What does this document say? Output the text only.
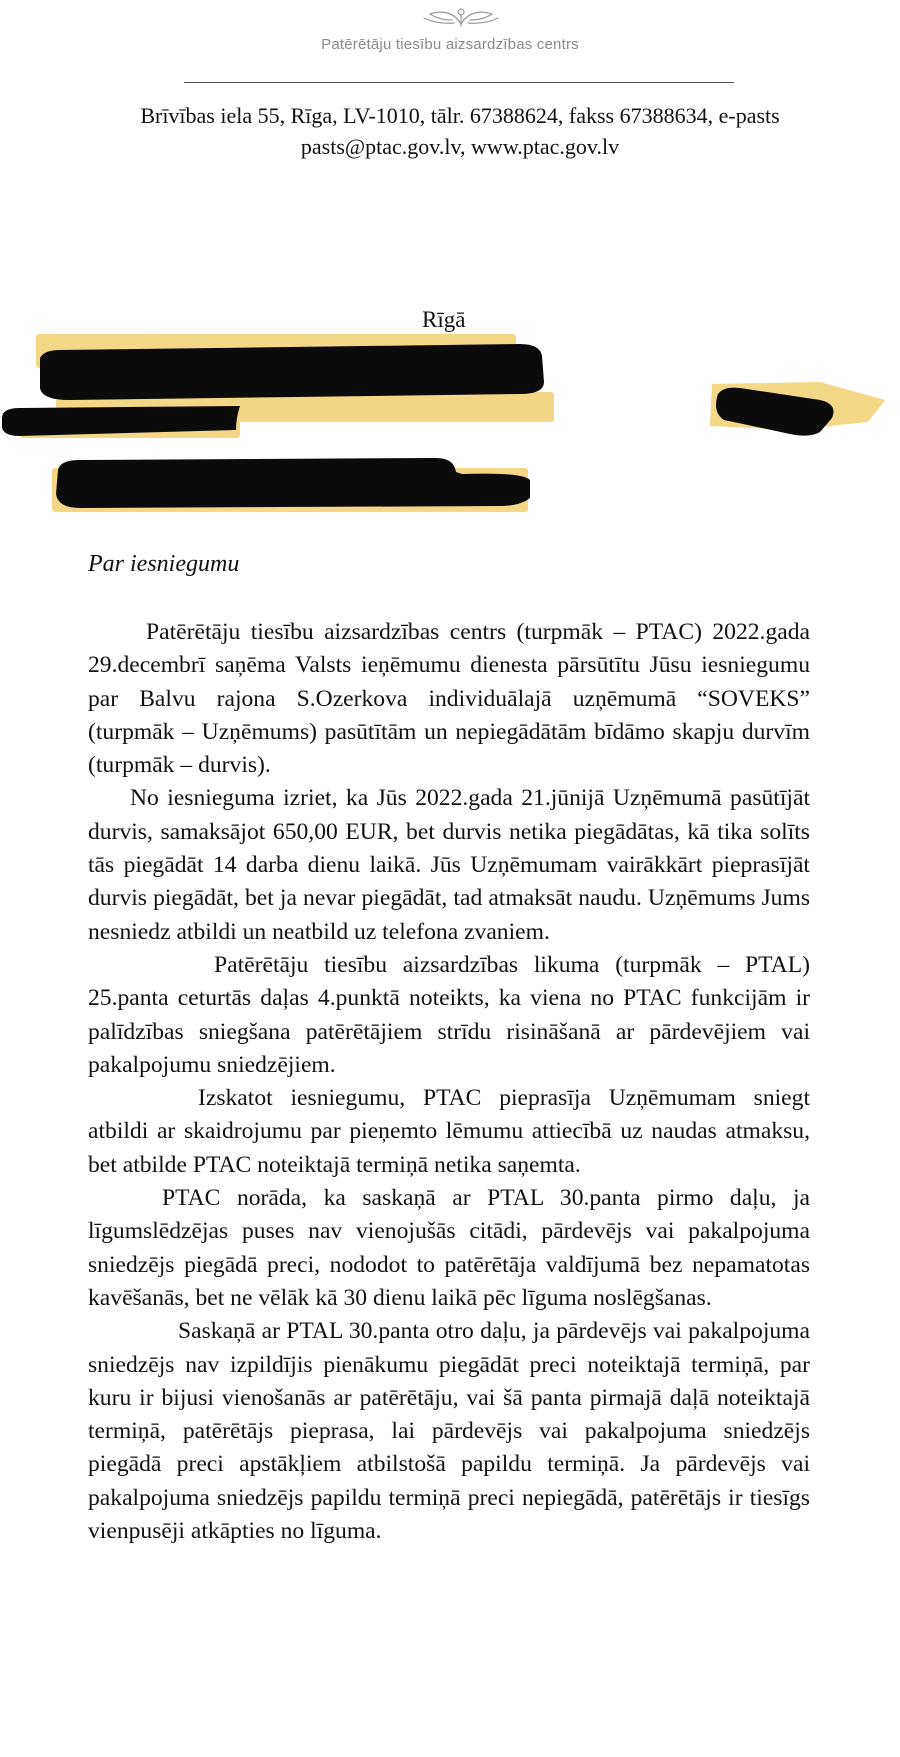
Patērētāju tiesību aizsardzības centrs
Brīvības iela 55, Rīga, LV-1010, tālr. 67388624, fakss 67388634, e-pasts pasts@ptac.gov.lv, www.ptac.gov.lv
Rīgā
Par iesniegumu

Patērētāju tiesību aizsardzības centrs (turpmāk – PTAC) 2022.gada 29.decembrī saņēma Valsts ieņēmumu dienesta pārsūtītu Jūsu iesniegumu par Balvu rajona S.Ozerkova individuālajā uzņēmumā “SOVEKS” (turpmāk – Uzņēmums) pasūtītām un nepiegādātām bīdāmo skapju durvīm (turpmāk – durvis).

No iesnieguma izriet, ka Jūs 2022.gada 21.jūnijā Uzņēmumā pasūtījāt durvis, samaksājot 650,00 EUR, bet durvis netika piegādātas, kā tika solīts tās piegādāt 14 darba dienu laikā. Jūs Uzņēmumam vairākkārt pieprasījāt durvis piegādāt, bet ja nevar piegādāt, tad atmaksāt naudu. Uzņēmums Jums nesniedz atbildi un neatbild uz telefona zvaniem.

Patērētāju tiesību aizsardzības likuma (turpmāk – PTAL) 25.panta ceturtās daļas 4.punktā noteikts, ka viena no PTAC funkcijām ir palīdzības sniegšana patērētājiem strīdu risināšanā ar pārdevējiem vai pakalpojumu sniedzējiem.

Izskatot iesniegumu, PTAC pieprasīja Uzņēmumam sniegt atbildi ar skaidrojumu par pieņemto lēmumu attiecībā uz naudas atmaksu, bet atbilde PTAC noteiktajā termiņā netika saņemta.

PTAC norāda, ka saskaņā ar PTAL 30.panta pirmo daļu, ja līgumslēdzējas puses nav vienojušās citādi, pārdevējs vai pakalpojuma sniedzējs piegādā preci, nododot to patērētāja valdījumā bez nepamatotas kavēšanās, bet ne vēlāk kā 30 dienu laikā pēc līguma noslēgšanas.

Saskaņā ar PTAL 30.panta otro daļu, ja pārdevējs vai pakalpojuma sniedzējs nav izpildījis pienākumu piegādāt preci noteiktajā termiņā, par kuru ir bijusi vienošanās ar patērētāju, vai šā panta pirmajā daļā noteiktajā termiņā, patērētājs pieprasa, lai pārdevējs vai pakalpojuma sniedzējs piegādā preci apstākļiem atbilstošā papildu termiņā. Ja pārdevējs vai pakalpojuma sniedzējs papildu termiņā preci nepiegādā, patērētājs ir tiesīgs vienpusēji atkāpties no līguma.
